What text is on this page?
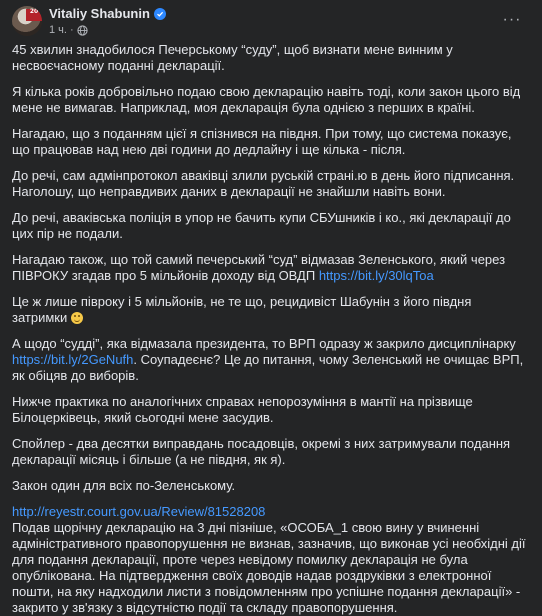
20 Vitaliy Shabunin
1 ч. ·
···

45 хвилин знадобилося Печерському “суду”, щоб визнати мене винним у несвоєчасному поданні декларації.

Я кілька років добровільно подаю свою декларацію навіть тоді, коли закон цього від мене не вимагав. Наприклад, моя декларація була однією з перших в країні.

Нагадаю, що з поданням цієї я спізнився на півдня. При тому, що система показує, що працював над нею дві години до дедлайну і ще кілька - після.

До речі, сам адмінпротокол аваківці злили руській страні.ю в день його підписання. Наголошу, що неправдивих даних в декларації не знайшли навіть вони.

До речі, аваківська поліція в упор не бачить купи СБУшників і ко., які декларації до цих пір не подали.

Нагадаю також, що той самий печерський “суд” відмазав Зеленського, який через ПІВРОКУ згадав про 5 мільйонів доходу від ОВДП https://bit.ly/30lqToa

Це ж лише півроку і 5 мільйонів, не те що, рецидивіст Шабунін з його півдня затримки

А щодо “судді”, яка відмазала президента, то ВРП одразу ж закрило дисциплінарку https://bit.ly/2GeNufh. Соупадеєнє? Це до питання, чому Зеленський не очищає ВРП, як обіцяв до виборів.

Нижче практика по аналогічних справах непорозуміння в мантії на прізвище Білоцерківець, який сьогодні мене засудив.

Спойлер - два десятки виправдань посадовців, окремі з них затримували подання декларації місяць і більше (а не півдня, як я).

Закон один для всіх по-Зеленському.

http://reyestr.court.gov.ua/Review/81528208
Подав щорічну декларацію на 3 дні пізніше, «ОСОБА_1 свою вину у вчиненні адміністративного правопорушення не визнав, зазначив, що виконав усі необхідні дії для подання декларації, проте через невідому помилку декларація не була опублікована. На підтвердження своїх доводів надав роздруківки з електронної пошти, на яку надходили листи з повідомленням про успішне подання декларації» - закрито у зв'язку з відсутністю події та складу правопорушення.
